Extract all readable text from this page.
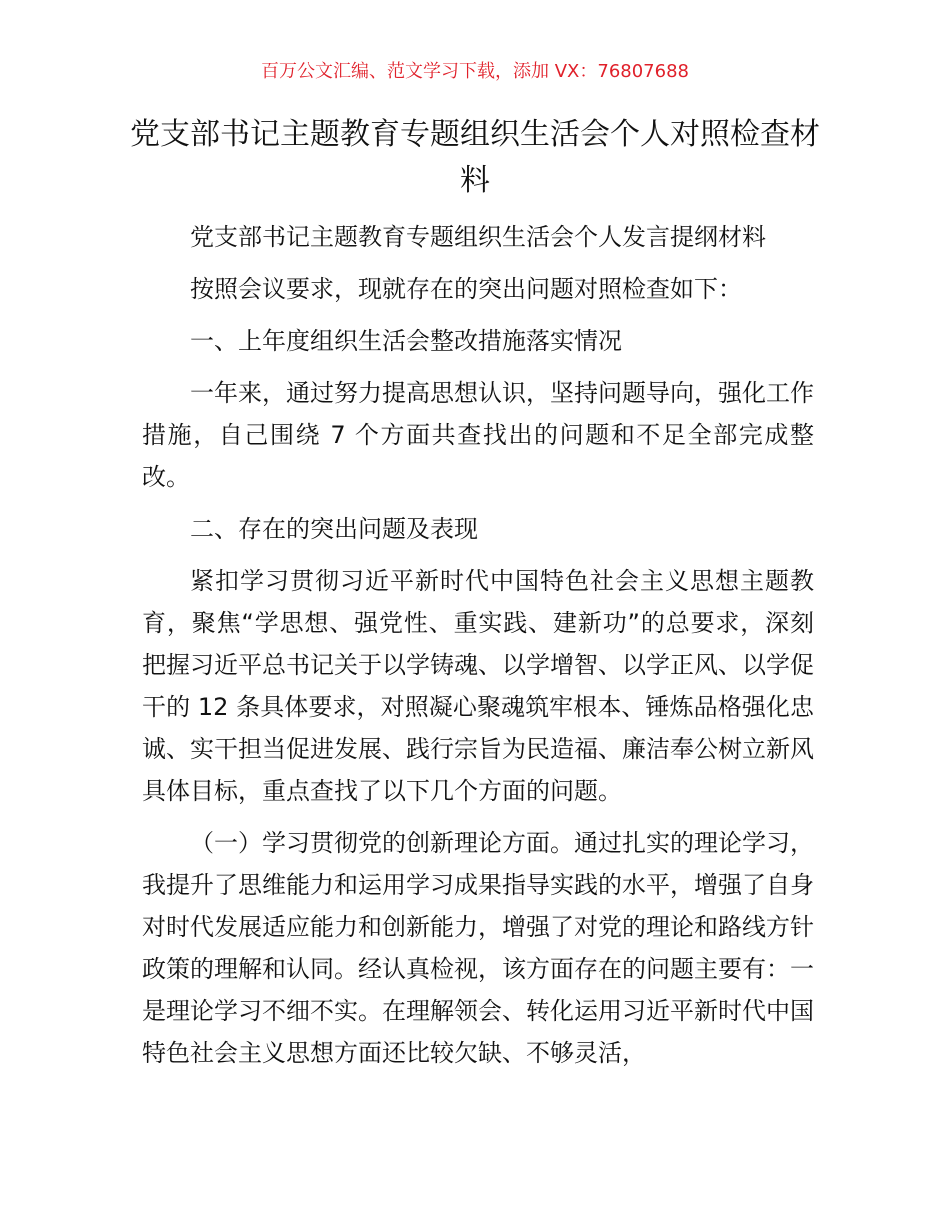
百万公文汇编、范文学习下载，添加 VX：76807688
党支部书记主题教育专题组织生活会个人对照检查材料

党支部书记主题教育专题组织生活会个人发言提纲材料

按照会议要求，现就存在的突出问题对照检查如下：

一、上年度组织生活会整改措施落实情况

一年来，通过努力提高思想认识，坚持问题导向，强化工作措施，自己围绕 7 个方面共查找出的问题和不足全部完成整改。

二、存在的突出问题及表现

紧扣学习贯彻习近平新时代中国特色社会主义思想主题教育，聚焦“学思想、强党性、重实践、建新功”的总要求，深刻把握习近平总书记关于以学铸魂、以学增智、以学正风、以学促干的 12 条具体要求，对照凝心聚魂筑牢根本、锤炼品格强化忠诚、实干担当促进发展、践行宗旨为民造福、廉洁奉公树立新风具体目标，重点查找了以下几个方面的问题。

（一）学习贯彻党的创新理论方面。通过扎实的理论学习，我提升了思维能力和运用学习成果指导实践的水平，增强了自身对时代发展适应能力和创新能力，增强了对党的理论和路线方针政策的理解和认同。经认真检视，该方面存在的问题主要有：一是理论学习不细不实。在理解领会、转化运用习近平新时代中国特色社会主义思想方面还比较欠缺、不够灵活，
